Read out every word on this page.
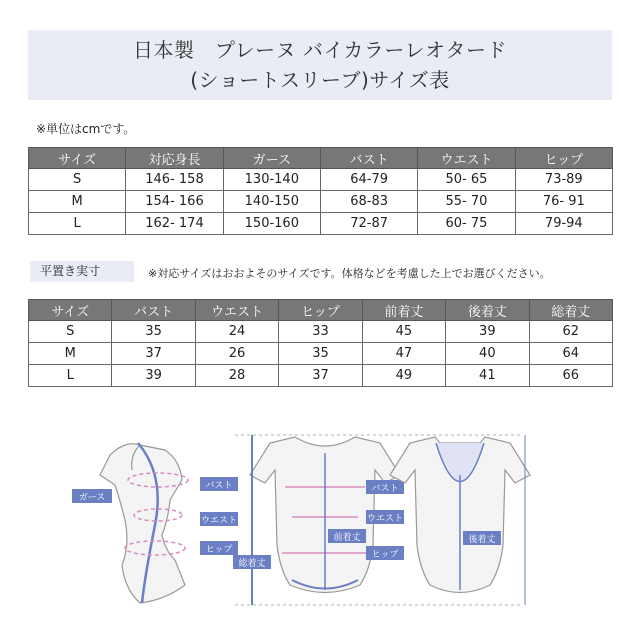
日本製　プレーヌ バイカラーレオタード
(ショートスリーブ)サイズ表
※単位はcmです。
サイズ	対応身長	ガース	バスト	ウエスト	ヒップ
S	146- 158	130-140	64-79	50- 65	73-89
M	154- 166	140-150	68-83	55- 70	76- 91
L	162- 174	150-160	72-87	60- 75	79-94
平置き実寸	※対応サイズはおおよそのサイズです。体格などを考慮した上でお選びください。
サイズ	バスト	ウエスト	ヒップ	前着丈	後着丈	総着丈
S	35	24	33	45	39	62
M	37	26	35	47	40	64
L	39	28	37	49	41	66
ガース
バスト
ウエスト
ヒップ
バスト
ウエスト
ヒップ
前着丈
総着丈
後着丈
